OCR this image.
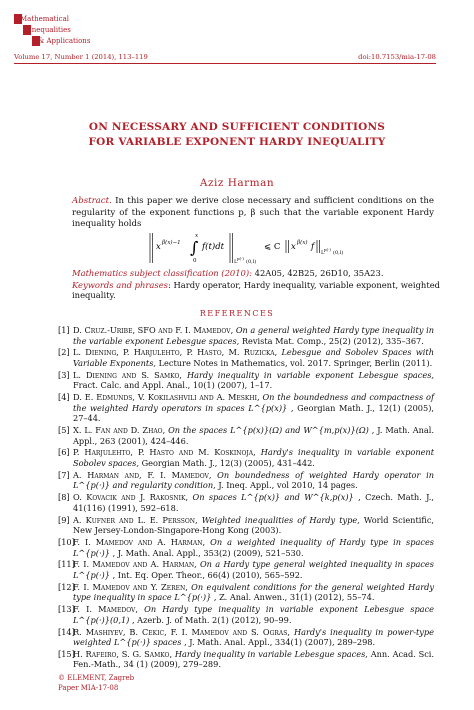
Mathematical
Inequalities
& Applications
Volume 17, Number 1 (2014), 113–119	doi:10.7153/mia-17-08
ON NECESSARY AND SUFFICIENT CONDITIONS
FOR VARIABLE EXPONENT HARDY INEQUALITY
Aziz Harman
Abstract. In this paper we derive close necessary and sufficient conditions on the regularity of the exponent functions p, β such that the variable exponent Hardy inequality holds
x β(x)−1 ∫
x
0
f(t)dt
L
p(·)
(0,l)
⩽ C x β(x) f
L
p(·)
(0,l)
Mathematics subject classification (2010): 42A05, 42B25, 26D10, 35A23.
Keywords and phrases: Hardy operator, Hardy inequality, variable exponent, weighted inequality.
REFERENCES
[1] D. Cruz.-Uribe, SFO and F. I. Mamedov, On a general weighted Hardy type inequality in the variable exponent Lebesgue spaces, Revista Mat. Comp., 25(2) (2012), 335–367.
[2] L. Diening, P. Harjulehto, P. Hasto, M. Ruzicka, Lebesgue and Sobolev Spaces with Variable Exponents, Lecture Notes in Mathematics, vol. 2017. Springer, Berlin (2011).
[3] L. Diening and S. Samko, Hardy inequality in variable exponent Lebesgue spaces, Fract. Calc. and Appl. Anal., 10(1) (2007), 1–17.
[4] D. E. Edmunds, V. Kokilashvili and A. Meskhi, On the boundedness and compactness of the weighted Hardy operators in spaces L^{p(x)} , Georgian Math. J., 12(1) (2005), 27–44.
[5] X. L. Fan and D. Zhao, On the spaces L^{p(x)}(Ω) and W^{m,p(x)}(Ω) , J. Math. Anal. Appl., 263 (2001), 424–446.
[6] P. Harjulehto, P. Hasto and M. Koskinoja, Hardy's inequality in variable exponent Sobolev spaces, Georgian Math. J., 12(3) (2005), 431–442.
[7] A. Harman and, F. I. Mamedov, On boundedness of weighted Hardy operator in L^{p(·)} and regularity condition, J. Ineq. Appl., vol 2010, 14 pages.
[8] O. Kovacik and J. Rakosnik, On spaces L^{p(x)} and W^{k,p(x)} , Czech. Math. J., 41(116) (1991), 592–618.
[9] A. Kufner and L. E. Persson, Weighted inequalities of Hardy type, World Scientific, New Jersey-London-Singapore-Hong Kong (2003).
[10]
F. I. Mamedov and A. Harman, On a weighted inequality of Hardy type in spaces L^{p(·)} , J. Math. Anal. Appl., 353(2) (2009), 521–530.
[11]
F. I. Mamedov and A. Harman, On a Hardy type general weighted inequality in spaces L^{p(·)} , Int. Eq. Oper. Theor., 66(4) (2010), 565–592.
[12]
F. I. Mamedov and Y. Zeren, On equivalent conditions for the general weighted Hardy type inequality in space L^{p(·)} , Z. Anal. Anwen., 31(1) (2012), 55–74.
[13]
F. I. Mamedov, On Hardy type inequality in variable exponent Lebesgue space L^{p(·)}(0,1) , Azerb. J. of Math. 2(1) (2012), 90–99.
[14]
R. Mashiyev, B. Cekic, F. I. Mamedov and S. Ogras, Hardy's inequality in power-type weighted L^{p(·)} spaces , J. Math. Anal. Appl., 334(1) (2007), 289–298.
[15]
H. Rafeiro, S. G. Samko, Hardy inequality in variable Lebesgue spaces, Ann. Acad. Sci. Fen.-Math., 34 (1) (2009), 279–289.
© ELEMENT, Zagreb
Paper MIA-17-08
